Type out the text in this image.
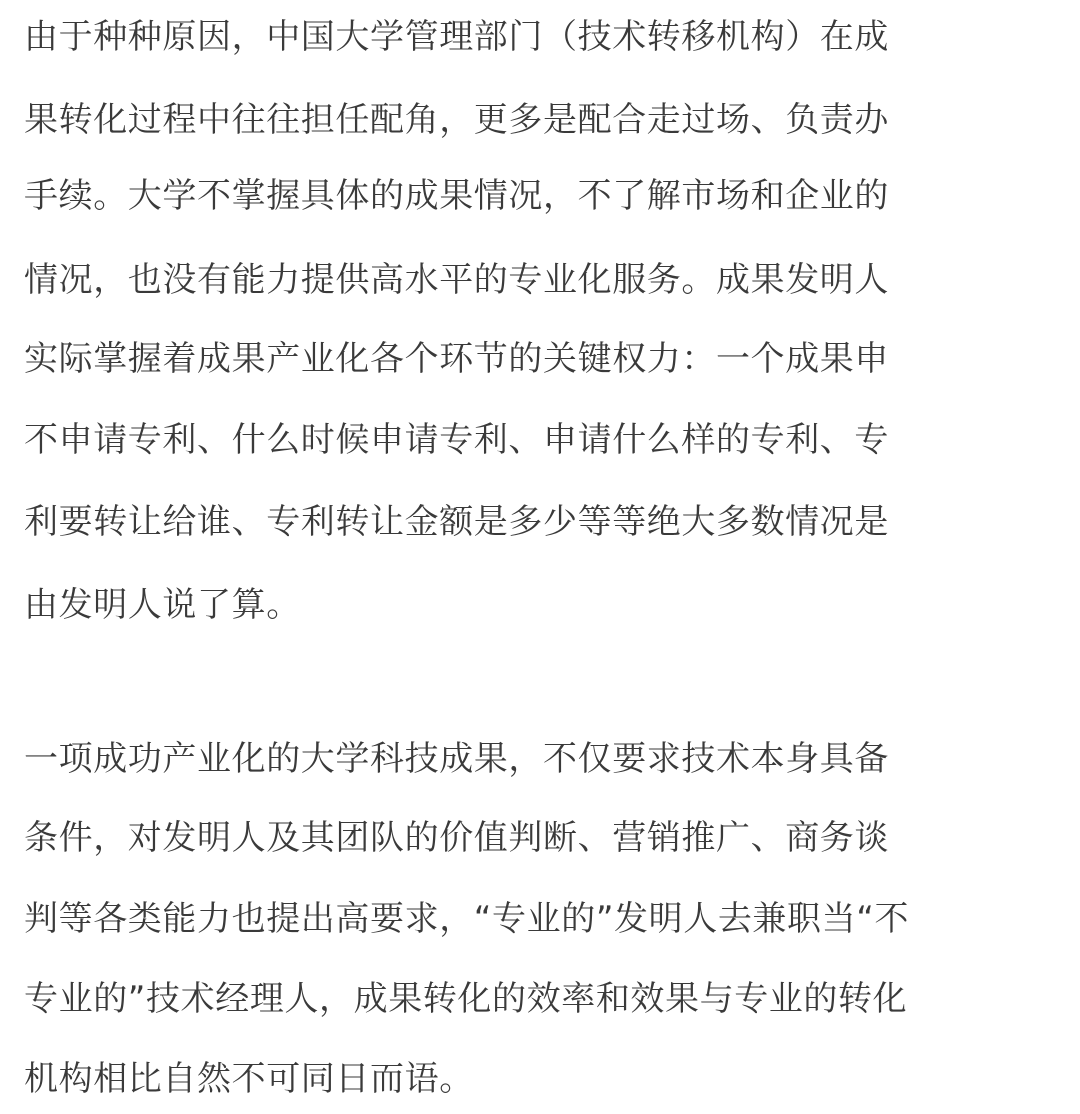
由于种种原因，中国大学管理部门（技术转移机构）在成
果转化过程中往往担任配角，更多是配合走过场、负责办
手续。大学不掌握具体的成果情况，不了解市场和企业的
情况，也没有能力提供高水平的专业化服务。成果发明人
实际掌握着成果产业化各个环节的关键权力：一个成果申
不申请专利、什么时候申请专利、申请什么样的专利、专
利要转让给谁、专利转让金额是多少等等绝大多数情况是
由发明人说了算。
一项成功产业化的大学科技成果，不仅要求技术本身具备
条件，对发明人及其团队的价值判断、营销推广、商务谈
判等各类能力也提出高要求，“专业的”发明人去兼职当“不
专业的”技术经理人，成果转化的效率和效果与专业的转化
机构相比自然不可同日而语。
